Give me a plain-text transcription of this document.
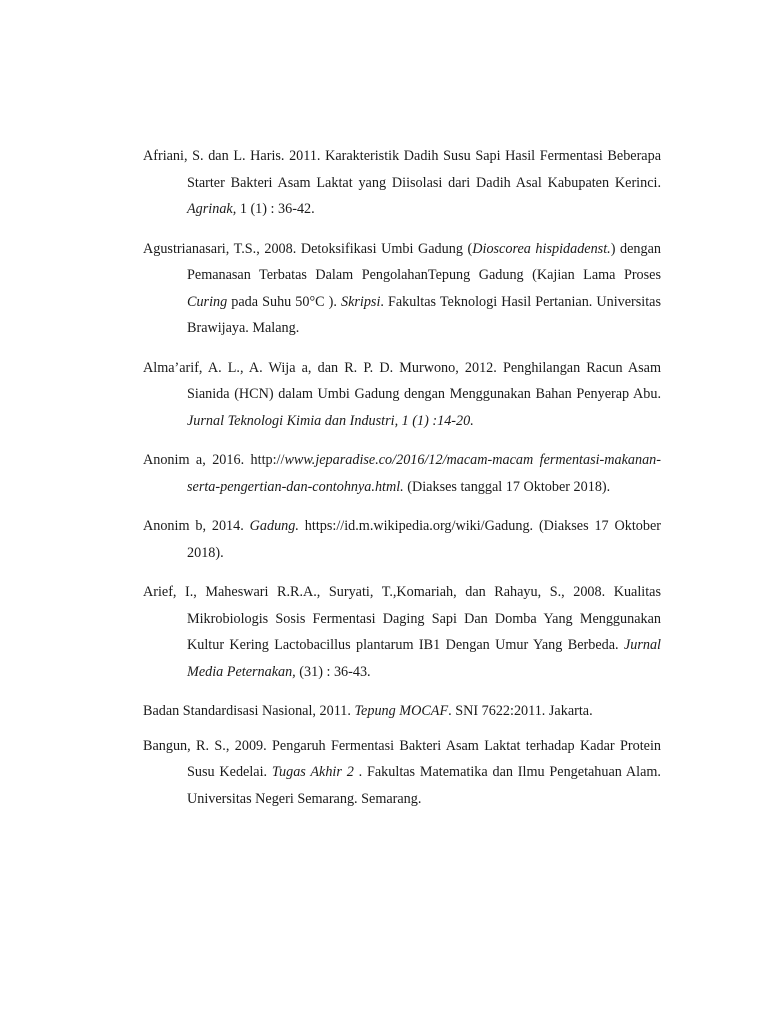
Afriani, S. dan L. Haris. 2011. Karakteristik Dadih Susu Sapi Hasil Fermentasi Beberapa Starter Bakteri Asam Laktat yang Diisolasi dari Dadih Asal Kabupaten Kerinci. Agrinak, 1 (1) : 36-42.

Agustrianasari, T.S., 2008. Detoksifikasi Umbi Gadung (Dioscorea hispidadenst.) dengan Pemanasan Terbatas Dalam PengolahanTepung Gadung (Kajian Lama Proses Curing pada Suhu 50°C ). Skripsi. Fakultas Teknologi Hasil Pertanian. Universitas Brawijaya. Malang.

Alma’arif, A. L., A. Wija a, dan R. P. D. Murwono, 2012. Penghilangan Racun Asam Sianida (HCN) dalam Umbi Gadung dengan Menggunakan Bahan Penyerap Abu. Jurnal Teknologi Kimia dan Industri, 1 (1) :14-20.

Anonim a, 2016. http://www.jeparadise.co/2016/12/macam-macam fermentasi-makanan-serta-pengertian-dan-contohnya.html. (Diakses tanggal 17 Oktober 2018).

Anonim b, 2014. Gadung. https://id.m.wikipedia.org/wiki/Gadung. (Diakses 17 Oktober 2018).

Arief, I., Maheswari R.R.A., Suryati, T.,Komariah, dan Rahayu, S., 2008. Kualitas Mikrobiologis Sosis Fermentasi Daging Sapi Dan Domba Yang Menggunakan Kultur Kering Lactobacillus plantarum IB1 Dengan Umur Yang Berbeda. Jurnal Media Peternakan, (31) : 36-43.

Badan Standardisasi Nasional, 2011. Tepung MOCAF. SNI 7622:2011. Jakarta.

Bangun, R. S., 2009. Pengaruh Fermentasi Bakteri Asam Laktat terhadap Kadar Protein Susu Kedelai. Tugas Akhir 2 . Fakultas Matematika dan Ilmu Pengetahuan Alam. Universitas Negeri Semarang. Semarang.
